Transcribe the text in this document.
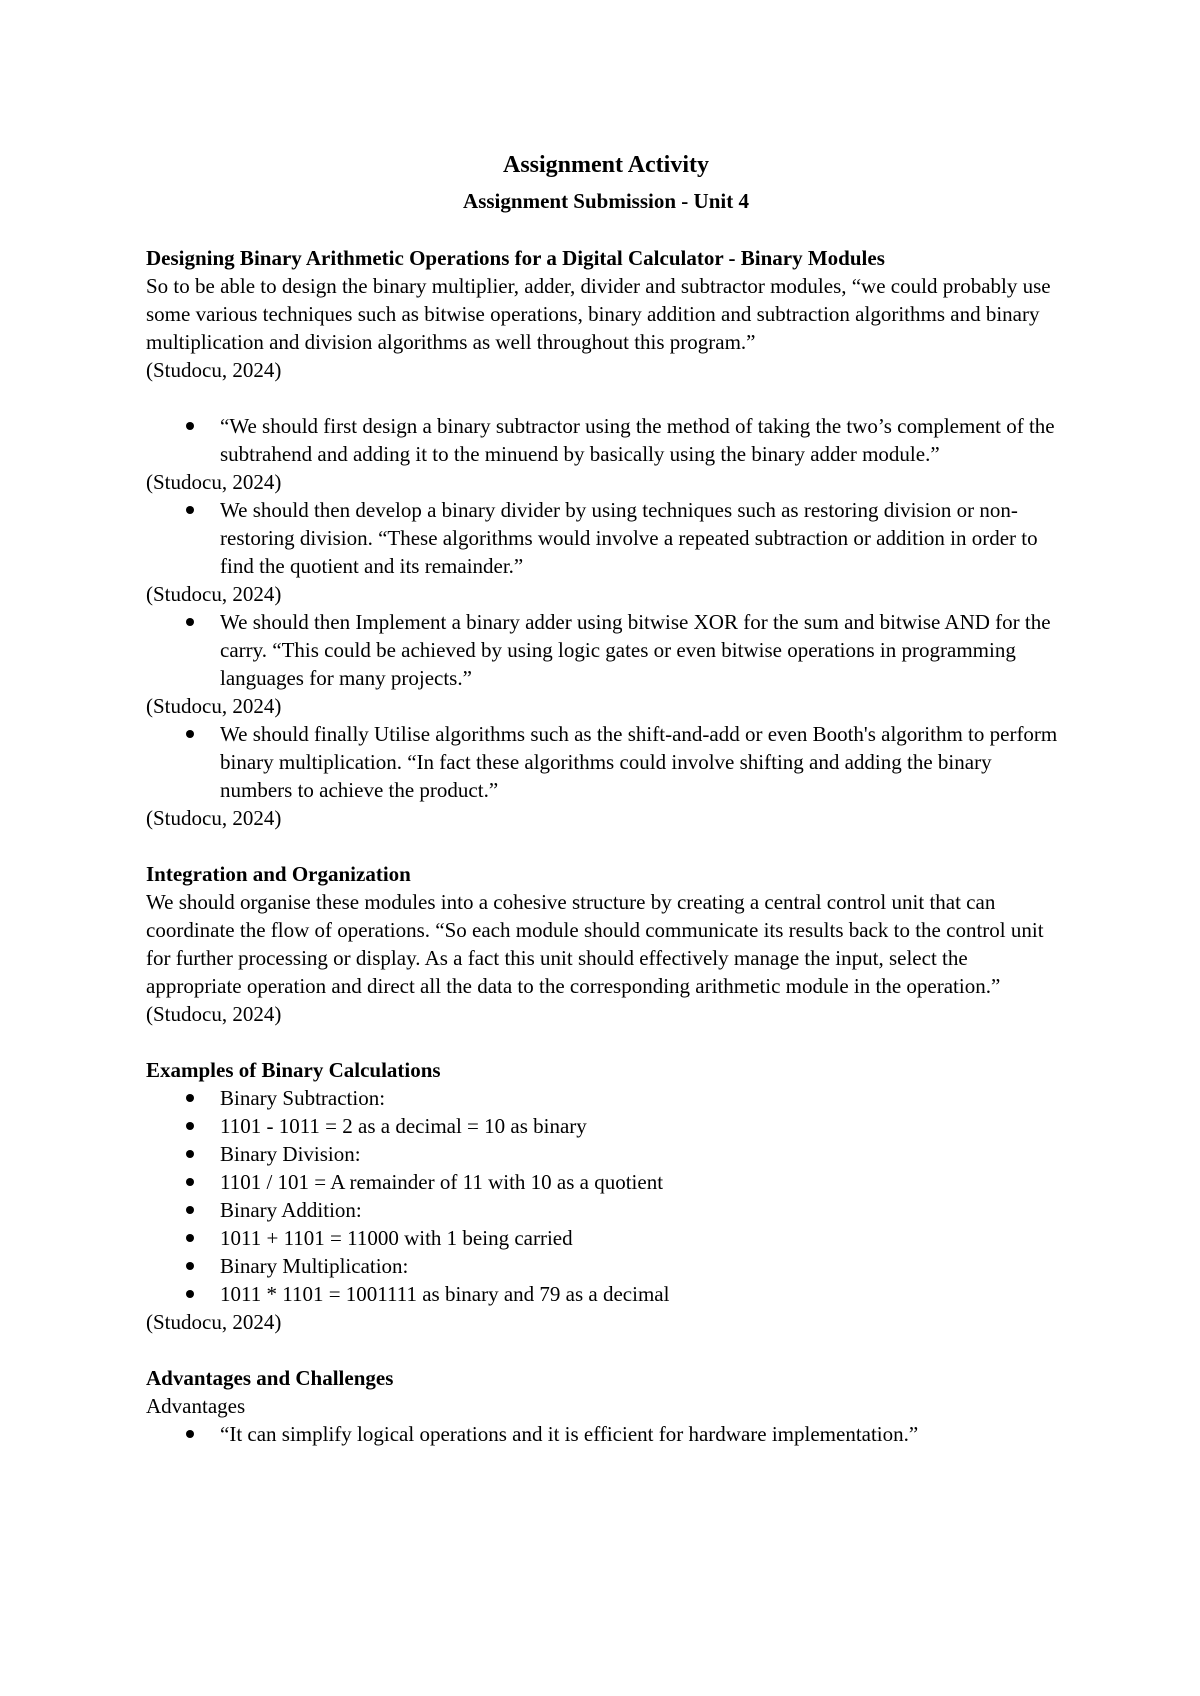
Assignment Activity

Assignment Submission - Unit 4

Designing Binary Arithmetic Operations for a Digital Calculator - Binary Modules

So to be able to design the binary multiplier, adder, divider and subtractor modules, “we could probably use some various techniques such as bitwise operations, binary addition and subtraction algorithms and binary multiplication and division algorithms as well throughout this program.”

(Studocu, 2024)

“We should first design a binary subtractor using the method of taking the two’s complement of the subtrahend and adding it to the minuend by basically using the binary adder module.”

(Studocu, 2024)

We should then develop a binary divider by using techniques such as restoring division or non-restoring division. “These algorithms would involve a repeated subtraction or addition in order to find the quotient and its remainder.”

(Studocu, 2024)

We should then Implement a binary adder using bitwise XOR for the sum and bitwise AND for the carry. “This could be achieved by using logic gates or even bitwise operations in programming languages for many projects.”

(Studocu, 2024)

We should finally Utilise algorithms such as the shift-and-add or even Booth's algorithm to perform binary multiplication. “In fact these algorithms could involve shifting and adding the binary numbers to achieve the product.”

(Studocu, 2024)

Integration and Organization

We should organise these modules into a cohesive structure by creating a central control unit that can coordinate the flow of operations. “So each module should communicate its results back to the control unit for further processing or display. As a fact this unit should effectively manage the input, select the appropriate operation and direct all the data to the corresponding arithmetic module in the operation.”

(Studocu, 2024)

Examples of Binary Calculations

Binary Subtraction:
1101 - 1011 = 2 as a decimal = 10 as binary
Binary Division:
1101 / 101 = A remainder of 11 with 10 as a quotient
Binary Addition:
1011 + 1101 = 11000 with 1 being carried
Binary Multiplication:
1011 * 1101 = 1001111 as binary and 79 as a decimal

(Studocu, 2024)

Advantages and Challenges

Advantages

“It can simplify logical operations and it is efficient for hardware implementation.”
